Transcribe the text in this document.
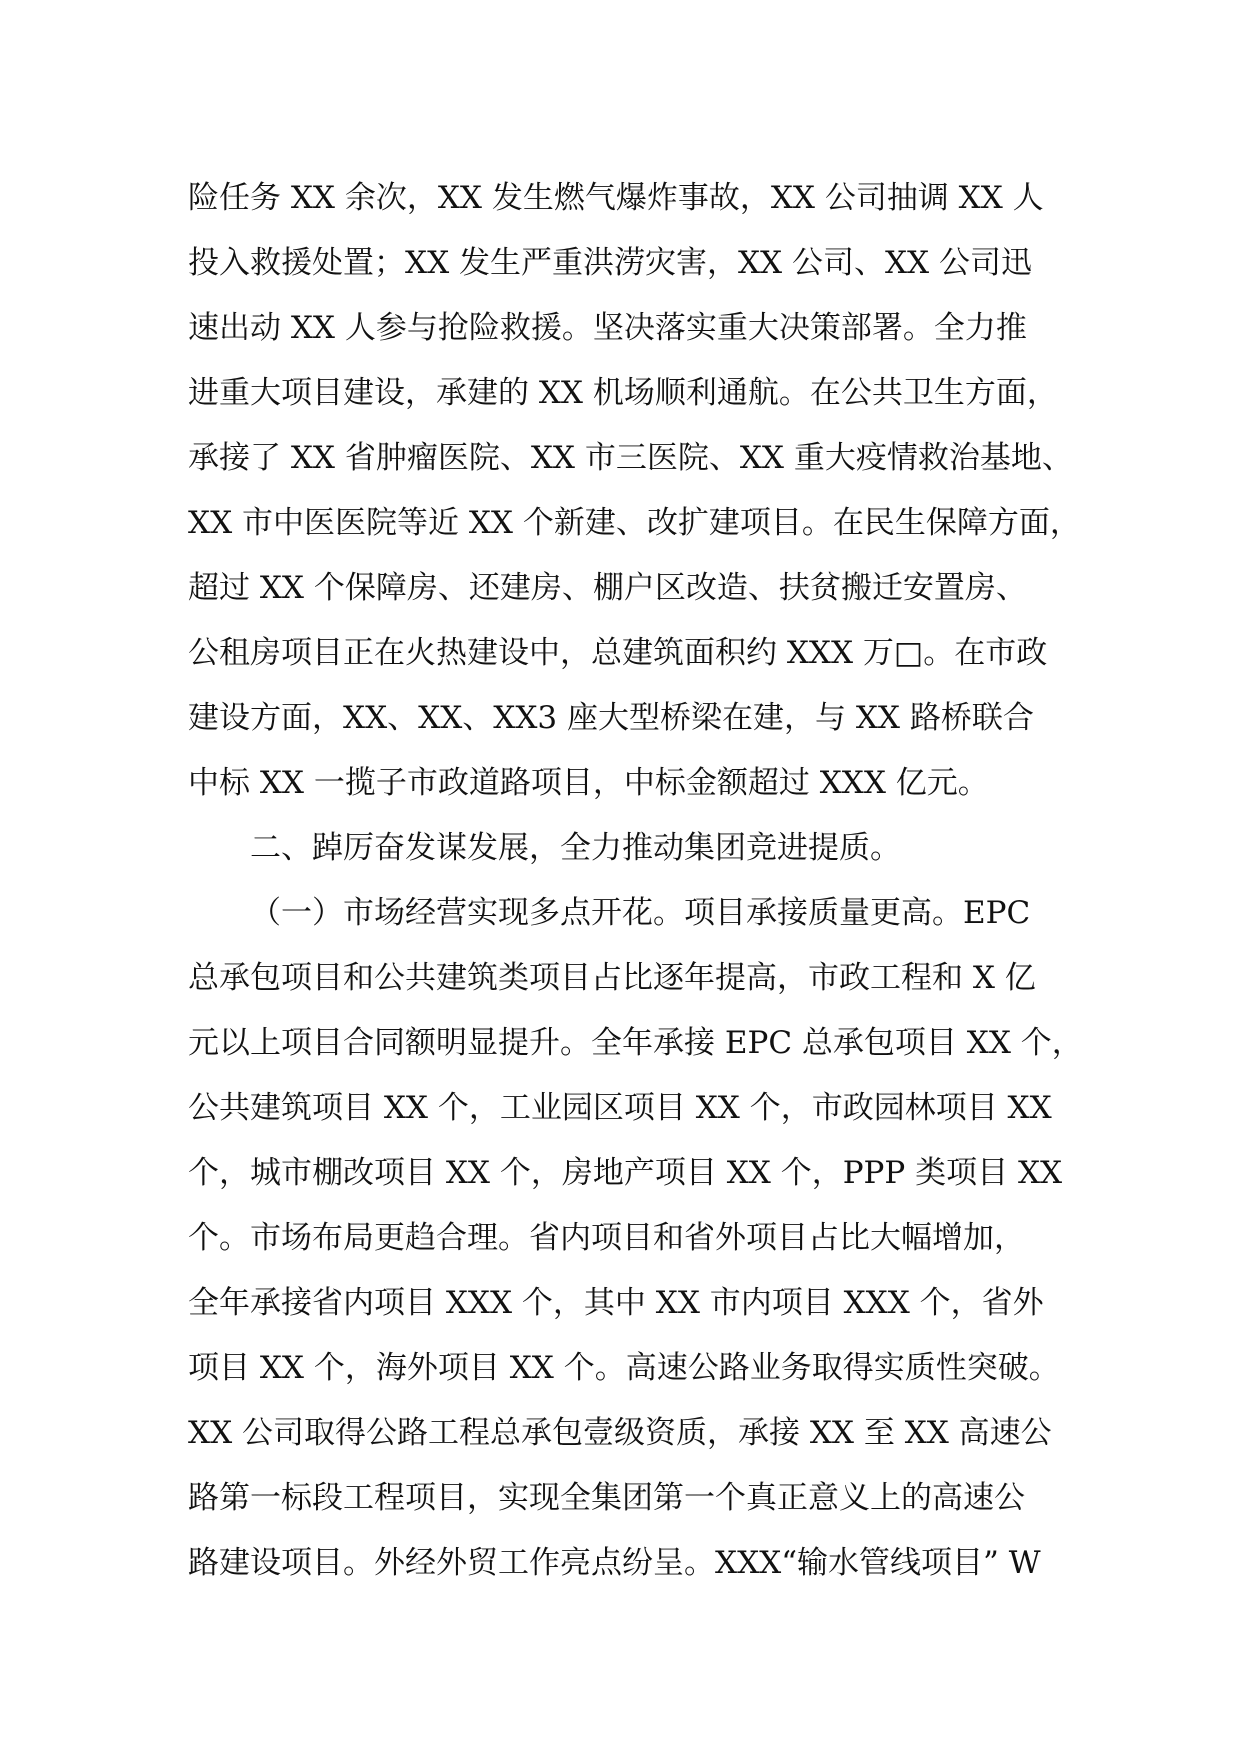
险任务 XX 余次，XX 发生燃气爆炸事故，XX 公司抽调 XX 人
投入救援处置；XX 发生严重洪涝灾害，XX 公司、XX 公司迅
速出动 XX 人参与抢险救援。坚决落实重大决策部署。全力推
进重大项目建设，承建的 XX 机场顺利通航。在公共卫生方面，
承接了 XX 省肿瘤医院、XX 市三医院、XX 重大疫情救治基地、
XX 市中医医院等近 XX 个新建、改扩建项目。在民生保障方面，
超过 XX 个保障房、还建房、棚户区改造、扶贫搬迁安置房、
公租房项目正在火热建设中，总建筑面积约 XXX 万□。在市政
建设方面，XX、XX、XX3 座大型桥梁在建，与 XX 路桥联合
中标 XX 一揽子市政道路项目，中标金额超过 XXX 亿元。
二、踔厉奋发谋发展，全力推动集团竞进提质。
（一）市场经营实现多点开花。项目承接质量更高。EPC
总承包项目和公共建筑类项目占比逐年提高，市政工程和 X 亿
元以上项目合同额明显提升。全年承接 EPC 总承包项目 XX 个，
公共建筑项目 XX 个，工业园区项目 XX 个，市政园林项目 XX
个，城市棚改项目 XX 个，房地产项目 XX 个，PPP 类项目 XX
个。市场布局更趋合理。省内项目和省外项目占比大幅增加，
全年承接省内项目 XXX 个，其中 XX 市内项目 XXX 个，省外
项目 XX 个，海外项目 XX 个。高速公路业务取得实质性突破。
XX 公司取得公路工程总承包壹级资质，承接 XX 至 XX 高速公
路第一标段工程项目，实现全集团第一个真正意义上的高速公
路建设项目。外经外贸工作亮点纷呈。XXX“输水管线项目” W
